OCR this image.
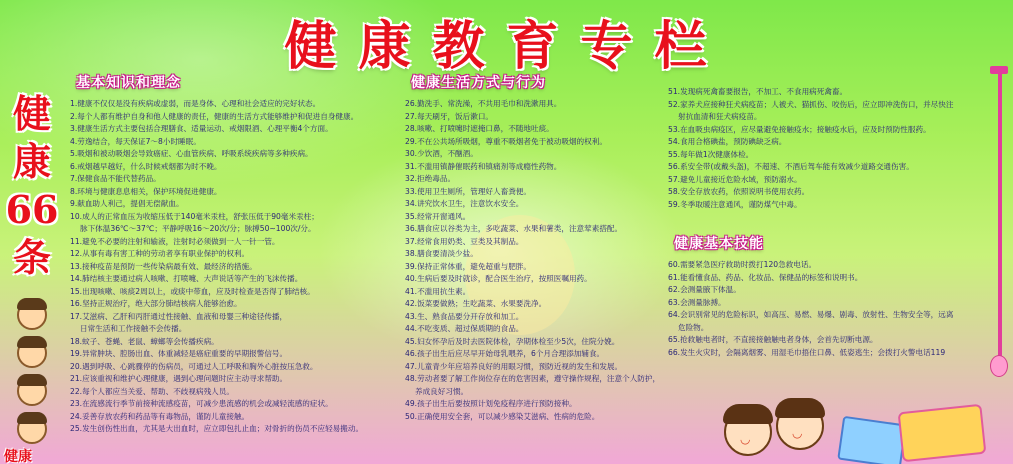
健康教育专栏
健
康
66
条
基本知识和理念
1.健康不仅仅是没有疾病或虚弱，而是身体、心理和社会适应的完好状态。
2.每个人都有维护自身和他人健康的责任，健康的生活方式能够维护和促进自身健康。
3.健康生活方式主要包括合理膳食、适量运动、戒烟限酒、心理平衡4个方面。
4.劳逸结合，每天保证7～8小时睡眠。
5.吸烟和被动吸烟会导致癌症、心血管疾病、呼吸系统疾病等多种疾病。
6.戒烟越早越好，什么时候戒烟都为时不晚。
7.保健食品不能代替药品。
8.环境与健康息息相关，保护环境促进健康。
9.献血助人利己，提倡无偿献血。
10.成人的正常血压为收缩压低于140毫米汞柱，舒张压低于90毫米汞柱；
脉下体温36℃～37℃；平静呼吸16～20次/分；脉搏50~100次/分。
11.避免不必要的注射和输液，注射时必须做到一人一针一管。
12.从事有毒有害工种的劳动者享有职业保护的权利。
13.接种疫苗是预防一些传染病最有效、最经济的措施。
14.肺结核主要通过病人咳嗽、打喷嚏、大声说话等产生的飞沫传播。
15.出现咳嗽、咳痰2周以上，或痰中带血，应及时检查是否得了肺结核。
16.坚持正规治疗，绝大部分肺结核病人能够治愈。
17.艾滋病、乙肝和丙肝通过性接触、血液和母婴三种途径传播，
日常生活和工作接触不会传播。
18.蚊子、苍蝇、老鼠、蟑螂等会传播疾病。
19.异常肿块、腔肠出血、体重减轻是癌症重要的早期报警信号。
20.遇到呼吸、心跳骤停的伤病员，可通过人工呼吸和胸外心脏按压急救。
21.应该重视和维护心理健康，遇到心理问题时应主动寻求帮助。
22.每个人都应当关爱、帮助、不歧视病残人员。
23.在流感流行季节前接种流感疫苗，可减少患流感的机会或减轻流感的症状。
24.妥善存放农药和药品等有毒物品，谨防儿童接触。
25.发生创伤性出血，尤其是大出血时，应立即包扎止血；对骨折的伤员不应轻易搬动。
健康生活方式与行为
26.勤洗手、常洗澡，不共用毛巾和洗漱用具。
27.每天刷牙，饭后漱口。
28.咳嗽、打喷嚏时遮掩口鼻，不随地吐痰。
29.不在公共场所吸烟，尊重不吸烟者免于被动吸烟的权利。
30.少饮酒，不酗酒。
31.不滥用镇静催眠药和镇痛剂等成瘾性药物。
32.拒绝毒品。
33.使用卫生厕所，管理好人畜粪便。
34.讲究饮水卫生，注意饮水安全。
35.经常开窗通风。
36.膳食应以谷类为主，多吃蔬菜、水果和薯类，注意荤素搭配。
37.经常食用奶类、豆类及其制品。
38.膳食要清淡少盐。
39.保持正常体重，避免超重与肥胖。
40.生病后要及时就诊，配合医生治疗，按照医嘱用药。
41.不滥用抗生素。
42.饭菜要做熟；生吃蔬菜、水果要洗净。
43.生、熟食品要分开存放和加工。
44.不吃变质、超过保质期的食品。
45.妇女怀孕后及时去医院体检，孕期体检至少5次，住院分娩。
46.孩子出生后应尽早开始母乳喂养，6个月合理添加辅食。
47.儿童青少年应培养良好的用眼习惯，预防近视的发生和发展。
48.劳动者要了解工作岗位存在的危害因素，遵守操作规程，注意个人防护，
养成良好习惯。
49.孩子出生后要按照计划免疫程序进行预防接种。
50.正确使用安全套，可以减少感染艾滋病、性病的危险。
51.发现病死禽畜要报告，不加工、不食用病死禽畜。
52.家养犬应接种狂犬病疫苗；人被犬、猫抓伤、咬伤后，应立即冲洗伤口，并尽快注
射抗血清和狂犬病疫苗。
53.在血吸虫病疫区，应尽量避免接触疫水；接触疫水后，应及时预防性服药。
54.食用合格碘盐，预防碘缺乏病。
55.每年做1次健康体检。
56.系安全带(或戴头盔)，不超速、不酒后驾车能有效减少道路交通伤害。
57.避免儿童接近危险水域，预防溺水。
58.安全存放农药，依照说明书使用农药。
59.冬季取暖注意通风，谨防煤气中毒。
健康基本技能
60.需要紧急医疗救助时拨打120急救电话。
61.能看懂食品、药品、化妆品、保健品的标签和说明书。
62.会测量腋下体温。
63.会测量脉搏。
64.会识别常见的危险标识，如高压、易燃、易爆、剧毒、放射性、生物安全等，远离
危险物。
65.抢救触电者时，不直接接触触电者身体，会首先切断电源。
66.发生火灾时，会隔离烟雾、用湿毛巾捂住口鼻、低姿逃生；会拨打火警电话119
◡
◡
健康
